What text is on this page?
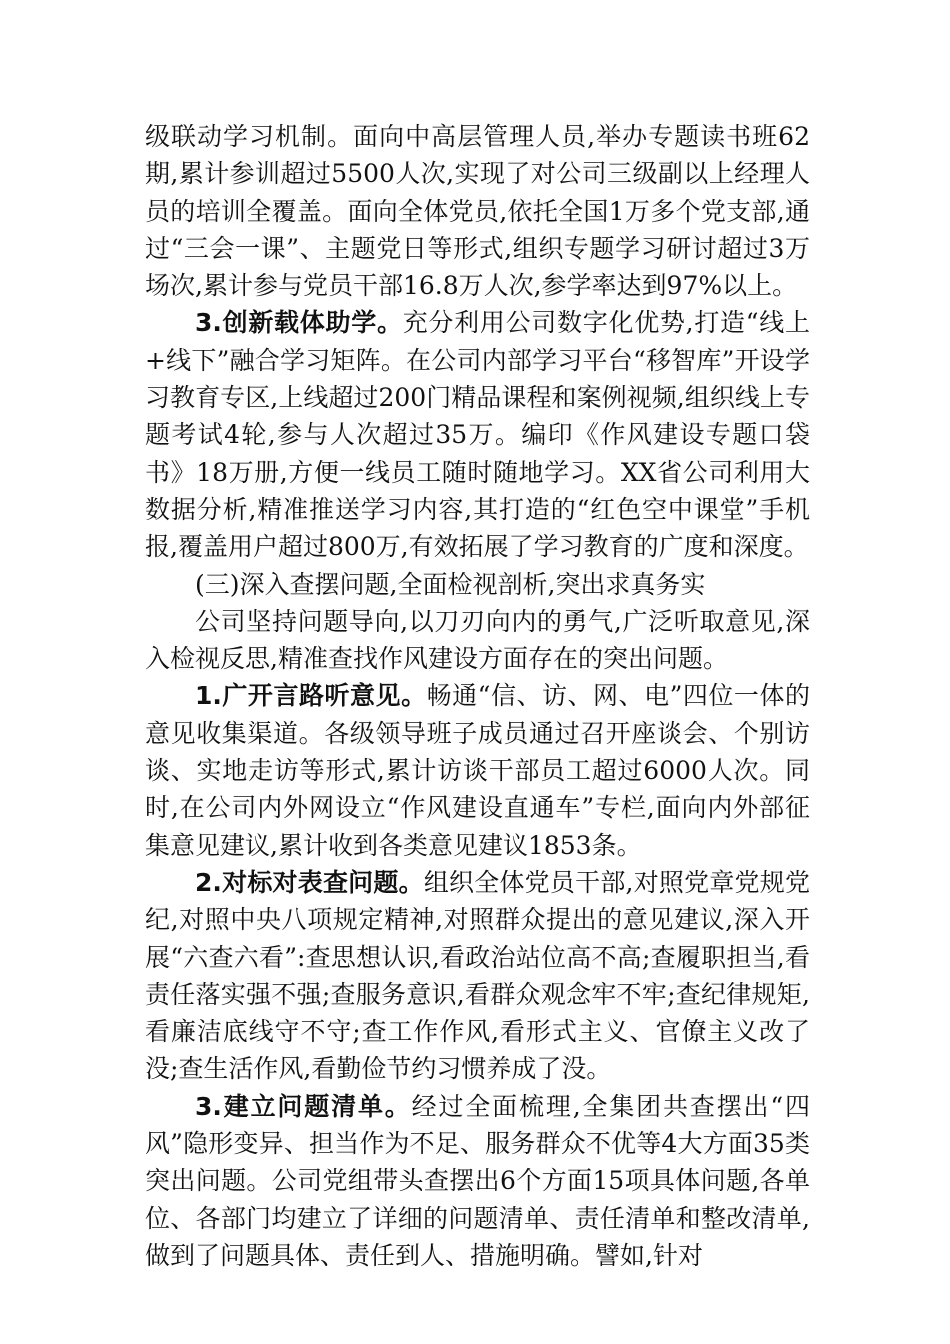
级联动学习机制。面向中高层管理人员,举办专题读书班62期,累计参训超过5500人次,实现了对公司三级副以上经理人员的培训全覆盖。面向全体党员,依托全国1万多个党支部,通过“三会一课”、主题党日等形式,组织专题学习研讨超过3万场次,累计参与党员干部16.8万人次,参学率达到97%以上。

3.创新载体助学。充分利用公司数字化优势,打造“线上+线下”融合学习矩阵。在公司内部学习平台“移智库”开设学习教育专区,上线超过200门精品课程和案例视频,组织线上专题考试4轮,参与人次超过35万。编印《作风建设专题口袋书》18万册,方便一线员工随时随地学习。XX省公司利用大数据分析,精准推送学习内容,其打造的“红色空中课堂”手机报,覆盖用户超过800万,有效拓展了学习教育的广度和深度。

(三)深入查摆问题,全面检视剖析,突出求真务实

公司坚持问题导向,以刀刃向内的勇气,广泛听取意见,深入检视反思,精准查找作风建设方面存在的突出问题。

1.广开言路听意见。畅通“信、访、网、电”四位一体的意见收集渠道。各级领导班子成员通过召开座谈会、个别访谈、实地走访等形式,累计访谈干部员工超过6000人次。同时,在公司内外网设立“作风建设直通车”专栏,面向内外部征集意见建议,累计收到各类意见建议1853条。

2.对标对表查问题。组织全体党员干部,对照党章党规党纪,对照中央八项规定精神,对照群众提出的意见建议,深入开展“六查六看”:查思想认识,看政治站位高不高;查履职担当,看责任落实强不强;查服务意识,看群众观念牢不牢;查纪律规矩,看廉洁底线守不守;查工作作风,看形式主义、官僚主义改了没;查生活作风,看勤俭节约习惯养成了没。

3.建立问题清单。经过全面梳理,全集团共查摆出“四风”隐形变异、担当作为不足、服务群众不优等4大方面35类突出问题。公司党组带头查摆出6个方面15项具体问题,各单位、各部门均建立了详细的问题清单、责任清单和整改清单,做到了问题具体、责任到人、措施明确。譬如,针对
